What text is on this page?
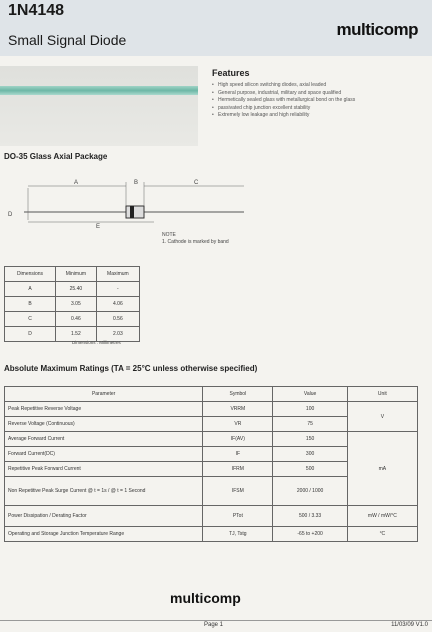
1N4148
Small Signal Diode
multicomp
Features
• High speed silicon switching diodes, axial leaded
• General purpose, industrial, military and space qualified
• Hermetically sealed glass with metallurgical bond on the glass
• passivated chip junction excellent stability
• Extremely low leakage and high reliability
DO-35 Glass Axial Package
A	B	C
E
D
NOTE
1. Cathode is marked by band
Dimensions	Minimum	Maximum
A	25.40	-
B	3.05	4.06
C	0.46	0.56
D	1.52	2.03
Dimensions : Millimetres
Absolute Maximum Ratings (TA = 25°C unless otherwise specified)
Parameter	Symbol	Value	Unit
Peak Repetitive Reverse Voltage	VRRM	100	V
Reverse Voltage (Continuous)	VR	75	
Average Forward Current	IF(AV)	150	mA
Forward Current(DC)	IF	300	
Repetitive Peak Forward Current	IFRM	500	
Non Repetitive Peak Surge Current @ t = 1s / @ t = 1 Second	IFSM	2000 / 1000	
Power Dissipation / Derating Factor	PTot	500 / 3.33	mW / mW/°C
Operating and Storage Junction Temperature Range	TJ, Tstg	-65 to +200	°C
multicomp
Page 1	11/03/09 V1.0
